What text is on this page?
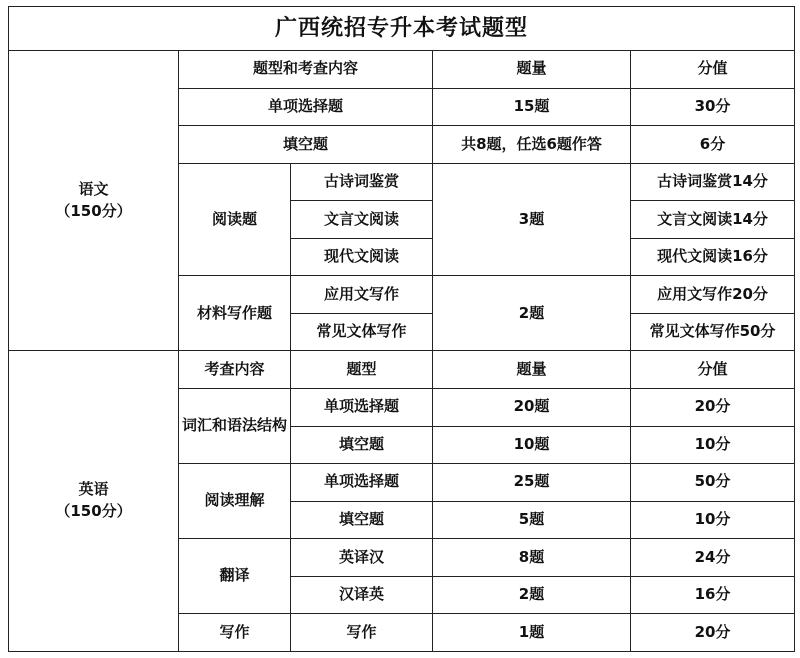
广西统招专升本考试题型				

语文
（150分）	题型和考查内容		题量	分值
	单项选择题		15题	30分
	填空题		共8题，任选6题作答	6分
	阅读题	古诗词鉴赏	3题	古诗词鉴赏14分
		文言文阅读		文言文阅读14分
		现代文阅读		现代文阅读16分
	材料写作题	应用文写作	2题	应用文写作20分
		常见文体写作		常见文体写作50分

英语
（150分）	考查内容	题型	题量	分值
	词汇和语法结构	单项选择题	20题	20分
		填空题	10题	10分
	阅读理解	单项选择题	25题	50分
		填空题	5题	10分
	翻译	英译汉	8题	24分
		汉译英	2题	16分
	写作	写作	1题	20分
